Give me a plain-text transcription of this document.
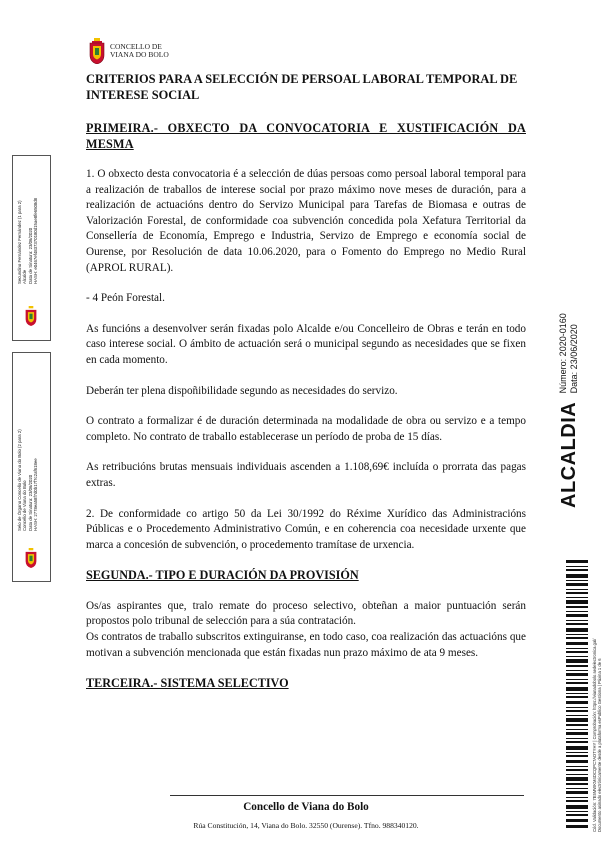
CONCELLO DE
VIANA DO BOLO
CRITERIOS PARA A SELECCIÓN DE PERSOAL LABORAL TEMPORAL DE INTERESE SOCIAL
PRIMEIRA.- OBXECTO DA CONVOCATORIA E XUSTIFICACIÓN DA MESMA

1. O obxecto desta convocatoria é a selección de dúas persoas como persoal laboral temporal para a realización de traballos de interese social por prazo máximo nove meses de duración, para a realización de actuacións dentro do Servizo Municipal para Tarefas de Biomasa e outras de Valorización Forestal, de conformidade coa subvención concedida pola Xefatura Territorial da Consellería de Economía, Emprego e Industria, Servizo de Emprego e economía social de Ourense, por Resolución de data 10.06.2020, para o Fomento do Emprego no Medio Rural (APROL RURAL).

- 4 Peón Forestal.

As funcións a desenvolver serán fixadas polo Alcalde e/ou Concelleiro de Obras e terán en todo caso interese social. O ámbito de actuación será o municipal segundo as necesidades que se fixen en cada momento.

Deberán ter plena dispoñibilidade segundo as necesidades do servizo.

O contrato a formalizar é de duración determinada na modalidade de obra ou servizo e a tempo completo. No contrato de traballo establecerase un período de proba de 15 días.

As retribucións brutas mensuais individuais ascenden a 1.108,69€ incluída o prorrata das pagas extras.

2. De conformidade co artigo 50 da Lei 30/1992 do Réxime Xurídico das Administracións Públicas e o Procedemento Administrativo Común, e en coherencia coa necesidade urxente que marca a concesión de subvención, o procedemento tramítase de urxencia.

SEGUNDA.- TIPO E DURACIÓN DA PROVISIÓN

Os/as aspirantes que, tralo remate do proceso selectivo, obteñan a maior puntuación serán propostos polo tribunal de selección para a súa contratación.

Os contratos de traballo subscritos extinguiranse, en todo caso, coa realización das actuacións que motivan a subvención mencionada que están fixadas nun prazo máximo de ata 9 meses.

TERCEIRA.- SISTEMA SELECTIVO
Concello de Viana do Bolo
Rúa Constitución, 14, Viana do Bolo. 32550 (Ourense). Tfno. 988340120.
Secundino Fernández Fernández (1 para 2) Alcalde Data de Sinatura: 23/06/2020 HASH: e0467ef4837370180d15ae8fe6508d8
Selo de Órgano Concello de Viana do Bolo (2 para 2) Concello de Viana do Bolo Data de Sinatura: 23/06/2020 HASH: 2778ea58f7d0b17f7c2af618ee	ALCALDIA
Número: 2020-0160 Data: 23/06/2020
Cód. Validación: 7E5MWKM4DCQPC7ADTYHY | Comprobación: https://vianadobolo.sedelectronica.gal/ Documento asinado electrónicamente desde a plataforma esPublico Gestiona | Páxina 1 de 6
